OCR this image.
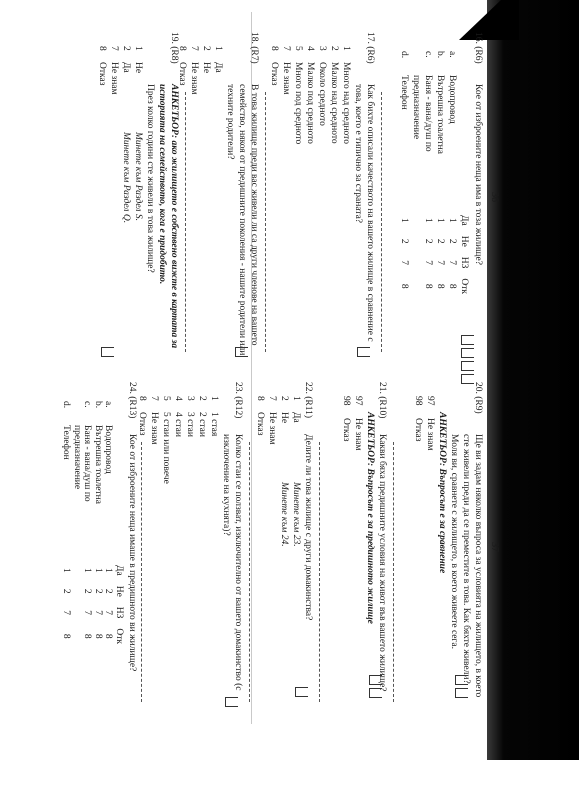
36
16. (R6)
Кое от изброените неща има в тоза жилище?
		Да	Не	НЗ	Отк
a.	Водопровод	1	2	7	8
b.	Вътрешна тоалетна	1	2	7	8
c.	Баня - вана/душ по предназначение	1	2	7	8
d.	Телефон	1	2	7	8
17. (R6)
Как бихте описали качеството на вашето жилище в сравнение с това, което е типично за страната?
1
Много над средното
2
Малко над средното
3
Около средното
4
Малко под средното
5
Много под средното
7
Не знам
8
Отказ
18. (R7)
В това жилище преди вас живели ли са други членове на вашето семейство, някоя от предишните поколения - нашите родители или техните родители?
1
Да
2
Не
7
Не знам
8
Отказ
19. (R8)
АНКЕТЬОР: ако жилището е собствено вижте в картата за историята на семейството, кога е придобито.
През колко години сте живели в това жилище?
1
Не
Минете към Раздел S.
2
Да
Минете към Раздел Q.
7
Не знам
8
Отказ
37
20. (R9)
Ще ви задам няколко въпроса за условията на жилището, в което сте живели преди да се преместите в това. Как бяхте живели?
Моля ви, сравнете с жилището, в което живеете сега.
АНКЕТЬОР: Въпросът е за сравнение
97
Не знам
98
Отказ
21. (R10)
Какви бяха предишните условия на живот във вашето жилище?
АНКЕТЬОР: Въпросът е за предишното жилище
97
Не знам
98
Отказ
22. (R11)
Делите ли това жилище с други домакинства?
1
Да
Минете към 23.
2
Не
Минете към 24.
7
Не знам
8
Отказ
23. (R12)
Колко стаи се ползват, изключително от вашето домакинство (с изключение на кухнята)?
1
1 стая
2
2 стаи
3
3 стаи
4
4 стаи
5
5 стаи или повече
7
Не знам
8
Отказ
24. (R13)
Кое от изброените неща имаше в предишното ви жилище?
		Да	Не	НЗ	Отк
a.	Водопровод	1	2	7	8
b.	Вътрешна тоалетна	1	2	7	8
c.	Баня - вана/душ по предназначение	1	2	7	8
d.	Телефон	1	2	7	8
